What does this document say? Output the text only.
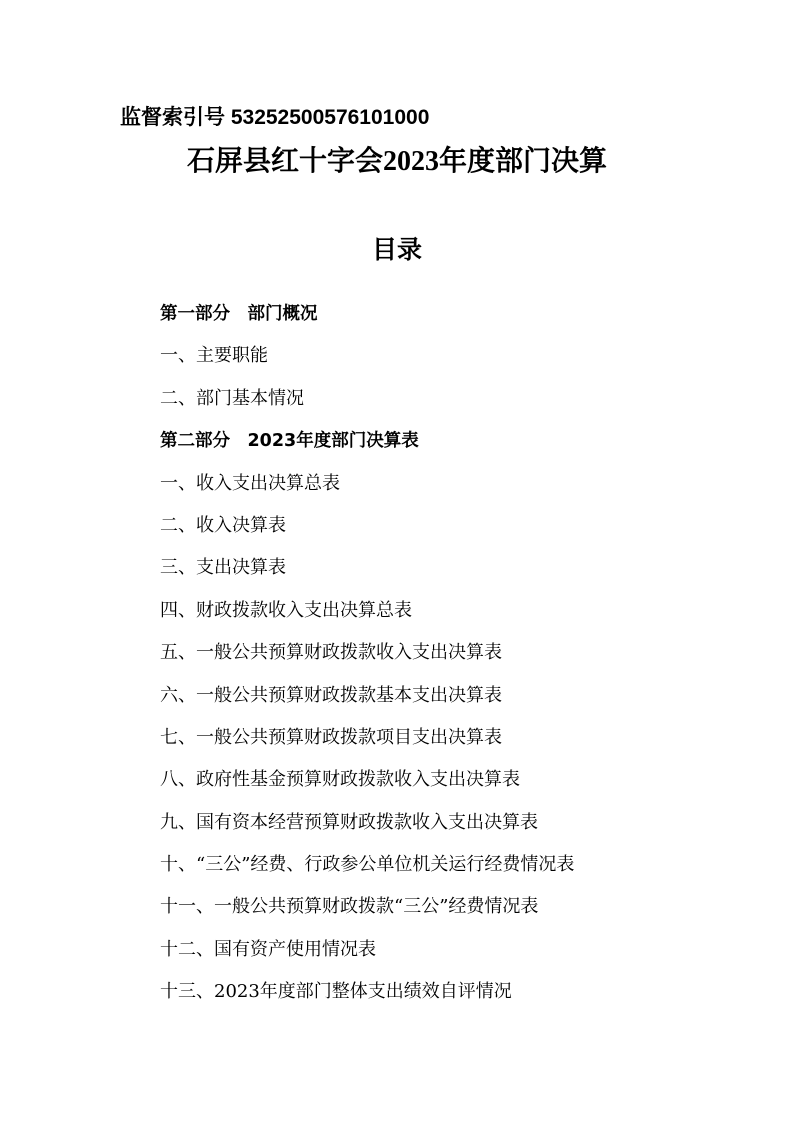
监督索引号 53252500576101000
石屏县红十字会2023年度部门决算
目录
第一部分　部门概况
一、主要职能
二、部门基本情况
第二部分　2023年度部门决算表
一、收入支出决算总表
二、收入决算表
三、支出决算表
四、财政拨款收入支出决算总表
五、一般公共预算财政拨款收入支出决算表
六、一般公共预算财政拨款基本支出决算表
七、一般公共预算财政拨款项目支出决算表
八、政府性基金预算财政拨款收入支出决算表
九、国有资本经营预算财政拨款收入支出决算表
十、“三公”经费、行政参公单位机关运行经费情况表
十一、一般公共预算财政拨款“三公”经费情况表
十二、国有资产使用情况表
十三、2023年度部门整体支出绩效自评情况
